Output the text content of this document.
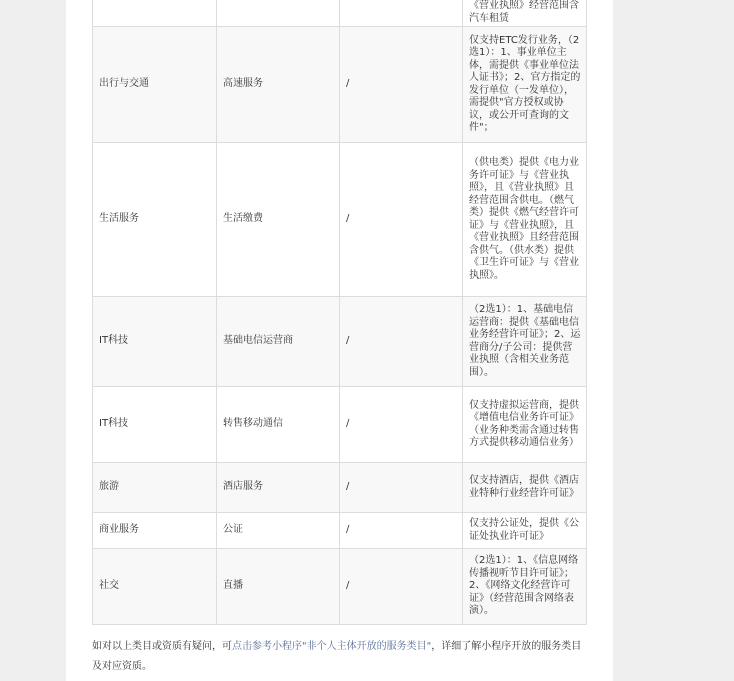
			《营业执照》经营范围含汽车租赁
出行与交通	高速服务	/	仅支持ETC发行业务，（2选1）：1、事业单位主体，需提供《事业单位法人证书》；2、官方指定的发行单位（一发单位），需提供"官方授权或协议，或公开可查询的文件"；
生活服务	生活缴费	/	（供电类）提供《电力业务许可证》与《营业执照》，且《营业执照》且经营范围含供电。（燃气类）提供《燃气经营许可证》与《营业执照》，且《营业执照》且经营范围含供气。（供水类）提供《卫生许可证》与《营业执照》。
IT科技	基础电信运营商	/	（2选1）：1、基础电信运营商：提供《基础电信业务经营许可证》；2、运营商分/子公司：提供营业执照（含相关业务范围）。
IT科技	转售移动通信	/	仅支持虚拟运营商，提供《增值电信业务许可证》（业务种类需含通过转售方式提供移动通信业务）
旅游	酒店服务	/	仅支持酒店，提供《酒店业特种行业经营许可证》
商业服务	公证	/	仅支持公证处，提供《公证处执业许可证》
社交	直播	/	（2选1）：1、《信息网络传播视听节目许可证》；2、《网络文化经营许可证》（经营范围含网络表演）。
如对以上类目或资质有疑问，可点击参考小程序"非个人主体开放的服务类目"，详细了解小程序开放的服务类目及对应资质。
